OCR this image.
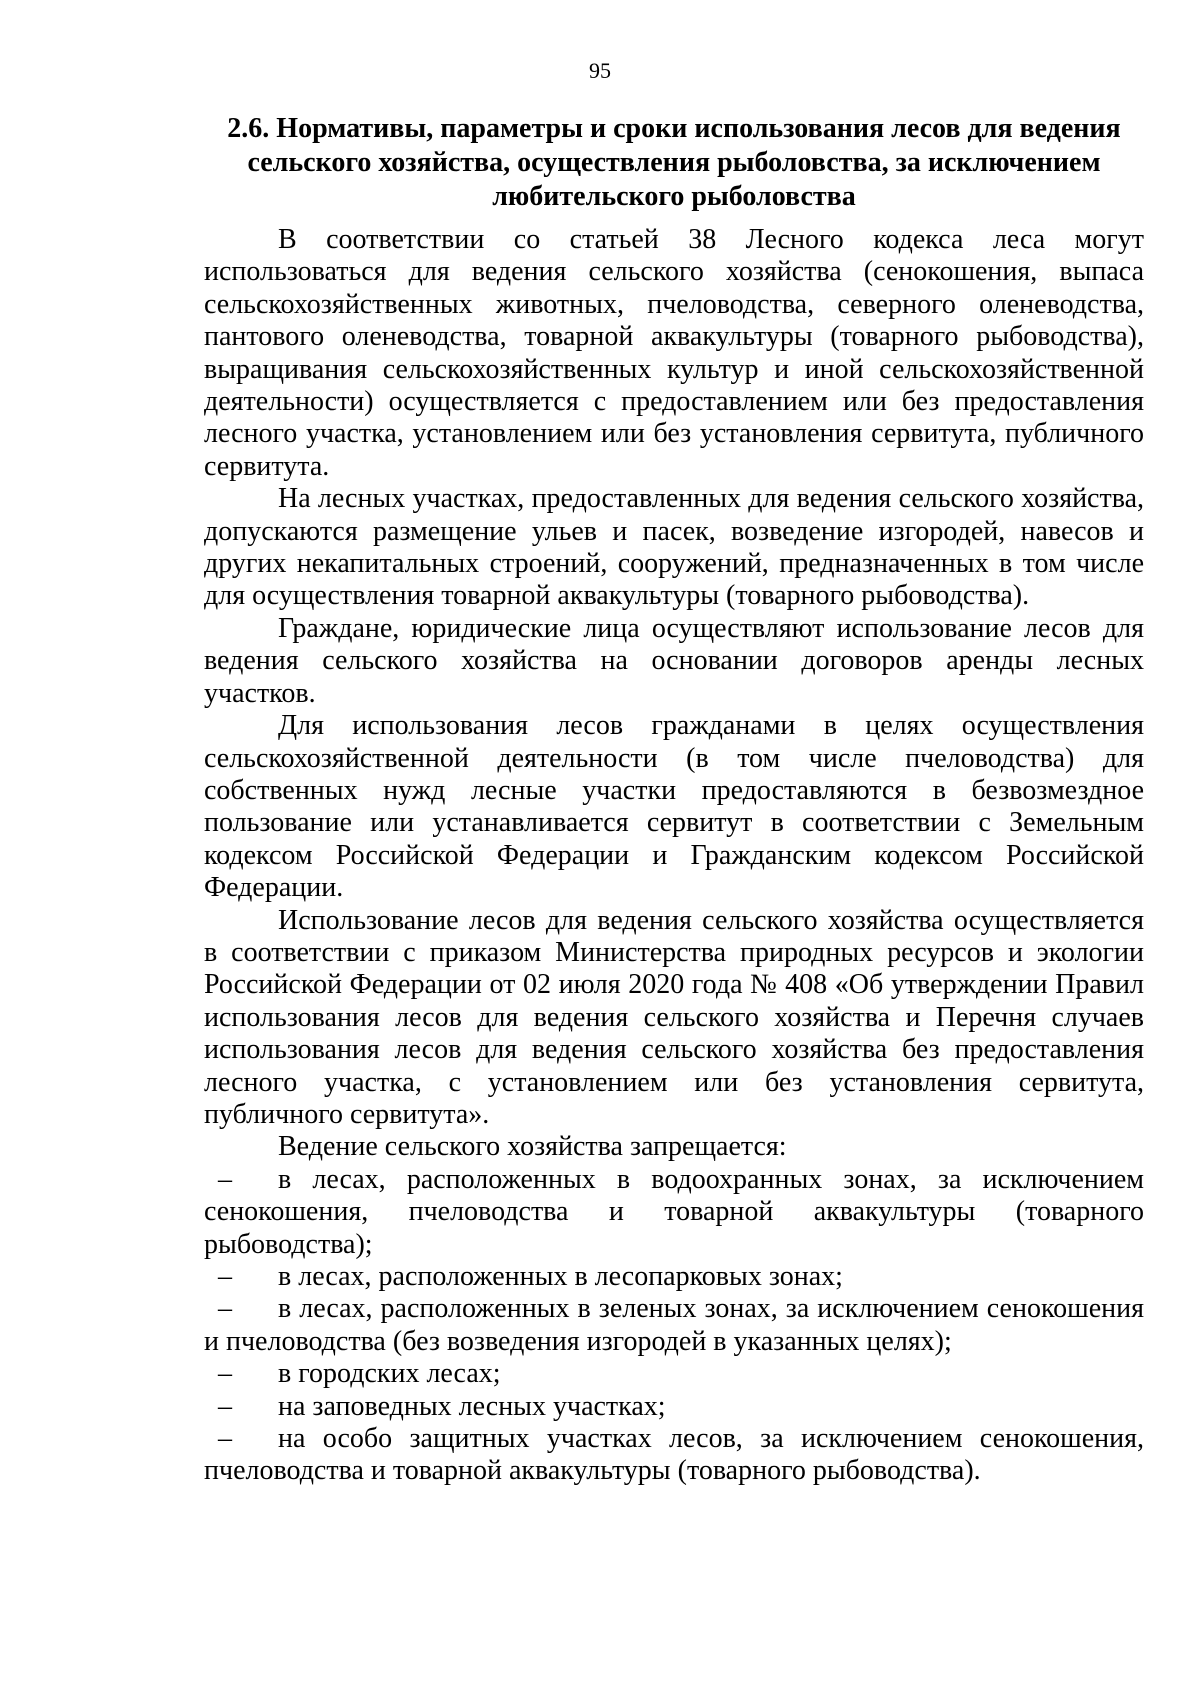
95
2.6. Нормативы, параметры и сроки использования лесов для ведения
сельского хозяйства, осуществления рыболовства, за исключением
любительского рыболовства

В соответствии со статьей 38 Лесного кодекса леса могут использоваться для ведения сельского хозяйства (сенокошения, выпаса сельскохозяйственных животных, пчеловодства, северного оленеводства, пантового оленеводства, товарной аквакультуры (товарного рыбоводства), выращивания сельскохозяйственных культур и иной сельскохозяйственной деятельности) осуществляется с предоставлением или без предоставления лесного участка, установлением или без установления сервитута, публичного сервитута.

На лесных участках, предоставленных для ведения сельского хозяйства, допускаются размещение ульев и пасек, возведение изгородей, навесов и других некапитальных строений, сооружений, предназначенных в том числе для осуществления товарной аквакультуры (товарного рыбоводства).

Граждане, юридические лица осуществляют использование лесов для ведения сельского хозяйства на основании договоров аренды лесных участков.

Для использования лесов гражданами в целях осуществления сельскохозяйственной деятельности (в том числе пчеловодства) для собственных нужд лесные участки предоставляются в безвозмездное пользование или устанавливается сервитут в соответствии с Земельным кодексом Российской Федерации и Гражданским кодексом Российской Федерации.

Использование лесов для ведения сельского хозяйства осуществляется в соответствии с приказом Министерства природных ресурсов и экологии Российской Федерации от 02 июля 2020 года № 408 «Об утверждении Правил использования лесов для ведения сельского хозяйства и Перечня случаев использования лесов для ведения сельского хозяйства без предоставления лесного участка, с установлением или без установления сервитута, публичного сервитута».

Ведение сельского хозяйства запрещается:

–	в лесах, расположенных в водоохранных зонах, за исключением сенокошения, пчеловодства и товарной аквакультуры (товарного рыбоводства);
–	в лесах, расположенных в лесопарковых зонах;
–	в лесах, расположенных в зеленых зонах, за исключением сенокошения и пчеловодства (без возведения изгородей в указанных целях);
–	в городских лесах;
–	на заповедных лесных участках;
–	на особо защитных участках лесов, за исключением сенокошения, пчеловодства и товарной аквакультуры (товарного рыбоводства).
